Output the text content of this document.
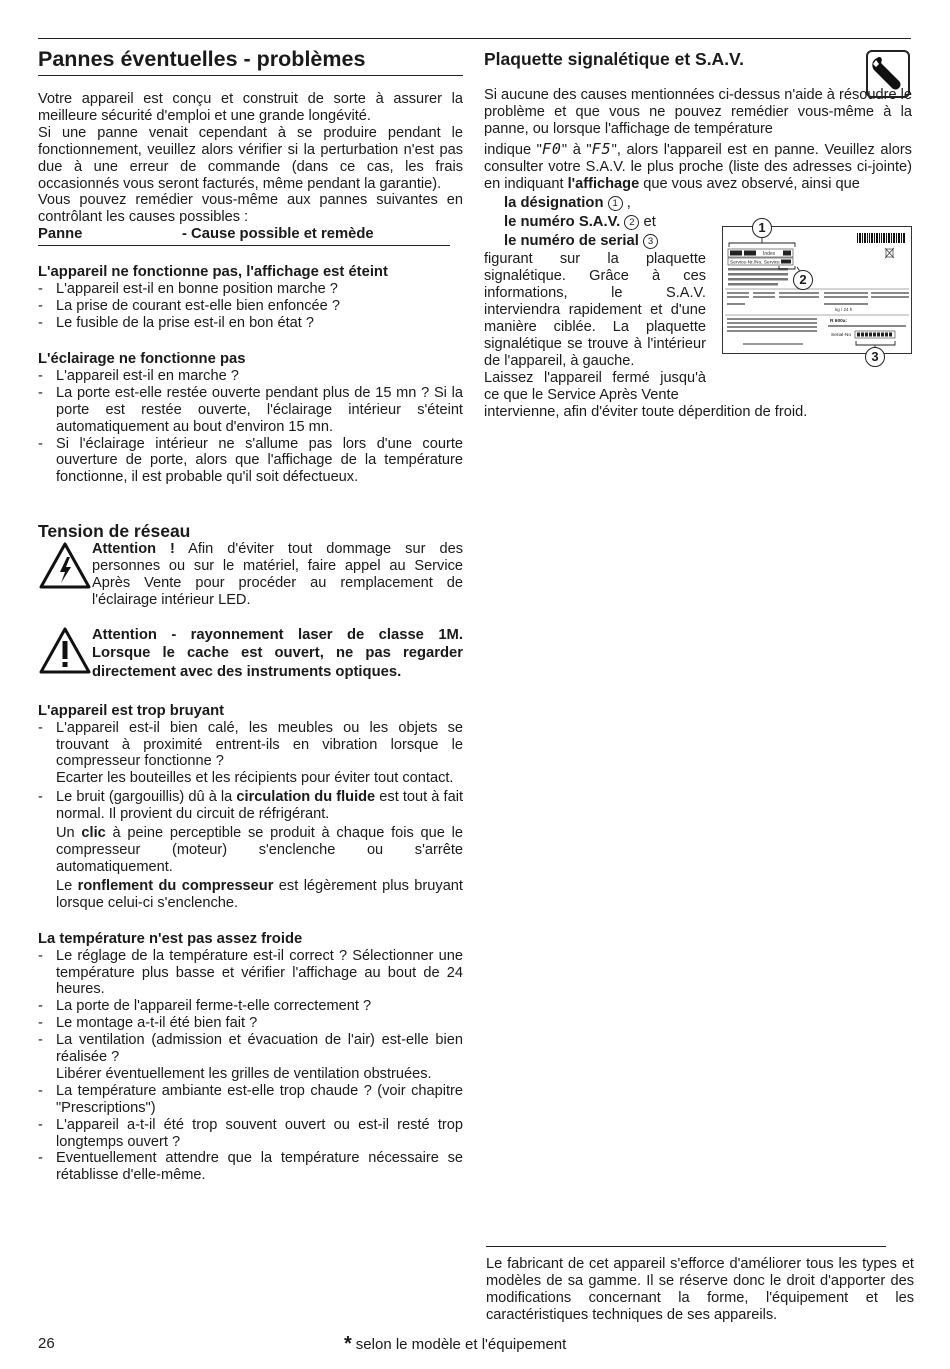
Pannes éventuelles - problèmes

Votre appareil est conçu et construit de sorte à assurer la meilleure sécurité d'emploi et une grande longévité.

Si une panne venait cependant à se produire pendant le fonctionnement, veuillez alors vérifier si la perturbation n'est pas due à une erreur de commande (dans ce cas, les frais occasionnés vous seront facturés, même pendant la garantie).

Vous pouvez remédier vous-même aux pannes suivantes en contrôlant les causes possibles :

Panne	- Cause possible et remède
L'appareil ne fonctionne pas, l'affichage est éteint
- L'appareil est-il en bonne position marche ?
- La prise de courant est-elle bien enfoncée ?
- Le fusible de la prise est-il en bon état ?
L'éclairage ne fonctionne pas
- L'appareil est-il en marche ?
- La porte est-elle restée ouverte pendant plus de 15 mn ? Si la porte est restée ouverte, l'éclairage intérieur s'éteint automatiquement au bout d'environ 15 mn.
- Si l'éclairage intérieur ne s'allume pas lors d'une courte ouverture de porte, alors que l'affichage de la température fonctionne, il est probable qu'il soit défectueux.
Tension de réseau

Attention ! Afin d'éviter tout dommage sur des personnes ou sur le matériel, faire appel au Service Après Vente pour procéder au remplacement de l'éclairage intérieur LED.

Attention - rayonnement laser de classe 1M. Lorsque le cache est ouvert, ne pas regarder directement avec des instruments optiques.

L'appareil est trop bruyant
- L'appareil est-il bien calé, les meubles ou les objets se trouvant à proximité entrent-ils en vibration lorsque le compresseur fonctionne ?
Ecarter les bouteilles et les récipients pour éviter tout contact.
- Le bruit (gargouillis) dû à la circulation du fluide est tout à fait normal. Il provient du circuit de réfrigérant.
Un clic à peine perceptible se produit à chaque fois que le compresseur (moteur) s'enclenche ou s'arrête automatiquement.
Le ronflement du compresseur est légèrement plus bruyant lorsque celui-ci s'enclenche.
La température n'est pas assez froide
- Le réglage de la température est-il correct ? Sélectionner une température plus basse et vérifier l'affichage au bout de 24 heures.
- La porte de l'appareil ferme-t-elle correctement ?
- Le montage a-t-il été bien fait ?
- La ventilation (admission et évacuation de l'air) est-elle bien réalisée ?
Libérer éventuellement les grilles de ventilation obstruées.
- La température ambiante est-elle trop chaude ? (voir chapitre "Prescriptions")
- L'appareil a-t-il été trop souvent ouvert ou est-il resté trop longtemps ouvert ?
- Eventuellement attendre que la température nécessaire se rétablisse d'elle-même.
Plaquette signalétique et S.A.V.

Si aucune des causes mentionnées ci-dessus n'aide à résoudre le problème et que vous ne pouvez remédier vous-même à la panne, ou lorsque l'affichage de température

indique "F0" à "F5", alors l'appareil est en panne. Veuillez alors consulter votre S.A.V. le plus proche (liste des adresses ci-jointe) en indiquant l'affichage que vous avez observé, ainsi que

la désignation 1 ,
le numéro S.A.V. 2 et
le numéro de serial 3

figurant sur la plaquette signalétique. Grâce à ces informations, le S.A.V. interviendra rapidement et d'une manière ciblée. La plaquette signalétique se trouve à l'intérieur de l'appareil, à gauche.

Laissez l'appareil fermé jusqu'à ce que le Service Après Vente

intervienne, afin d'éviter toute déperdition de froid.

Index
Service-Nr./No. Service
kg / 24 h
R 600a:
Serial-No
1
2
3
Le fabricant de cet appareil s'efforce d'améliorer tous les types et modèles de sa gamme. Il se réserve donc le droit d'apporter des modifications concernant la forme, l'équipement et les caractéristiques techniques de ses appareils.
26	* selon le modèle et l'équipement
